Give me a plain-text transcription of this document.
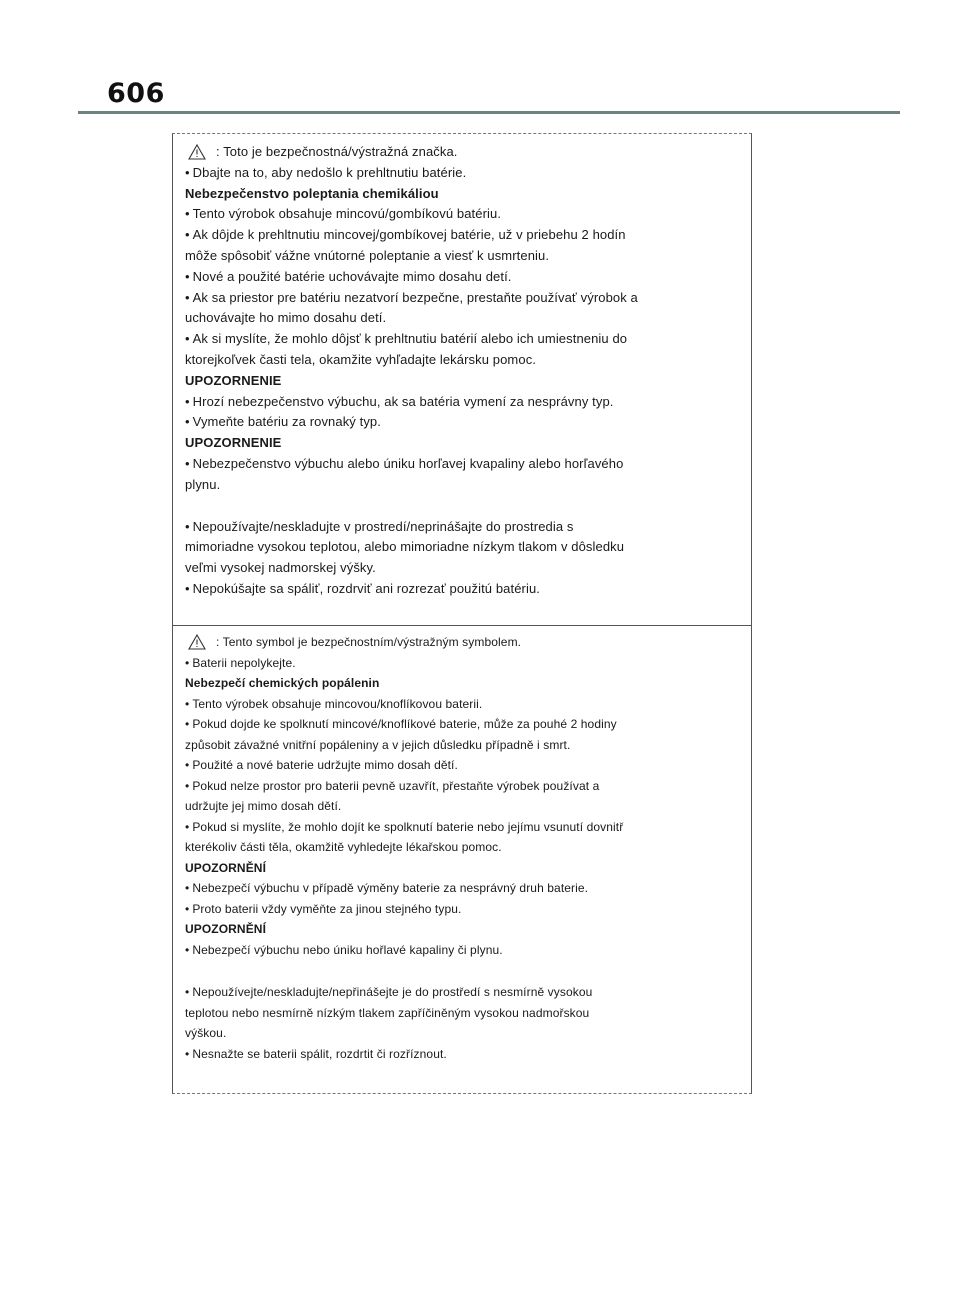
606
: Toto je bezpečnostná/výstražná značka.
• Dbajte na to, aby nedošlo k prehltnutiu batérie.
Nebezpečenstvo poleptania chemikáliou
• Tento výrobok obsahuje mincovú/gombíkovú batériu.
• Ak dôjde k prehltnutiu mincovej/gombíkovej batérie, už v priebehu 2 hodín
môže spôsobiť vážne vnútorné poleptanie a viesť k usmrteniu.
• Nové a použité batérie uchovávajte mimo dosahu detí.
• Ak sa priestor pre batériu nezatvorí bezpečne, prestaňte používať výrobok a
uchovávajte ho mimo dosahu detí.
• Ak si myslíte, že mohlo dôjsť k prehltnutiu batérií alebo ich umiestneniu do
ktorejkoľvek časti tela, okamžite vyhľadajte lekársku pomoc.
UPOZORNENIE
• Hrozí nebezpečenstvo výbuchu, ak sa batéria vymení za nesprávny typ.
• Vymeňte batériu za rovnaký typ.
UPOZORNENIE
• Nebezpečenstvo výbuchu alebo úniku horľavej kvapaliny alebo horľavého
plynu.
• Nepoužívajte/neskladujte v prostredí/neprinášajte do prostredia s
mimoriadne vysokou teplotou, alebo mimoriadne nízkym tlakom v dôsledku
veľmi vysokej nadmorskej výšky.
• Nepokúšajte sa spáliť, rozdrviť ani rozrezať použitú batériu.
: Tento symbol je bezpečnostním/výstražným symbolem.
• Baterii nepolykejte.
Nebezpečí chemických popálenin
• Tento výrobek obsahuje mincovou/knoflíkovou baterii.
• Pokud dojde ke spolknutí mincové/knoflíkové baterie, může za pouhé 2 hodiny
způsobit závažné vnitřní popáleniny a v jejich důsledku případně i smrt.
• Použité a nové baterie udržujte mimo dosah dětí.
• Pokud nelze prostor pro baterii pevně uzavřít, přestaňte výrobek používat a
udržujte jej mimo dosah dětí.
• Pokud si myslíte, že mohlo dojít ke spolknutí baterie nebo jejímu vsunutí dovnitř
kterékoliv části těla, okamžitě vyhledejte lékařskou pomoc.
UPOZORNĚNÍ
• Nebezpečí výbuchu v případě výměny baterie za nesprávný druh baterie.
• Proto baterii vždy vyměňte za jinou stejného typu.
UPOZORNĚNÍ
• Nebezpečí výbuchu nebo úniku hořlavé kapaliny či plynu.
• Nepoužívejte/neskladujte/nepřinášejte je do prostředí s nesmírně vysokou
teplotou nebo nesmírně nízkým tlakem zapříčiněným vysokou nadmořskou
výškou.
• Nesnažte se baterii spálit, rozdrtit či rozříznout.
